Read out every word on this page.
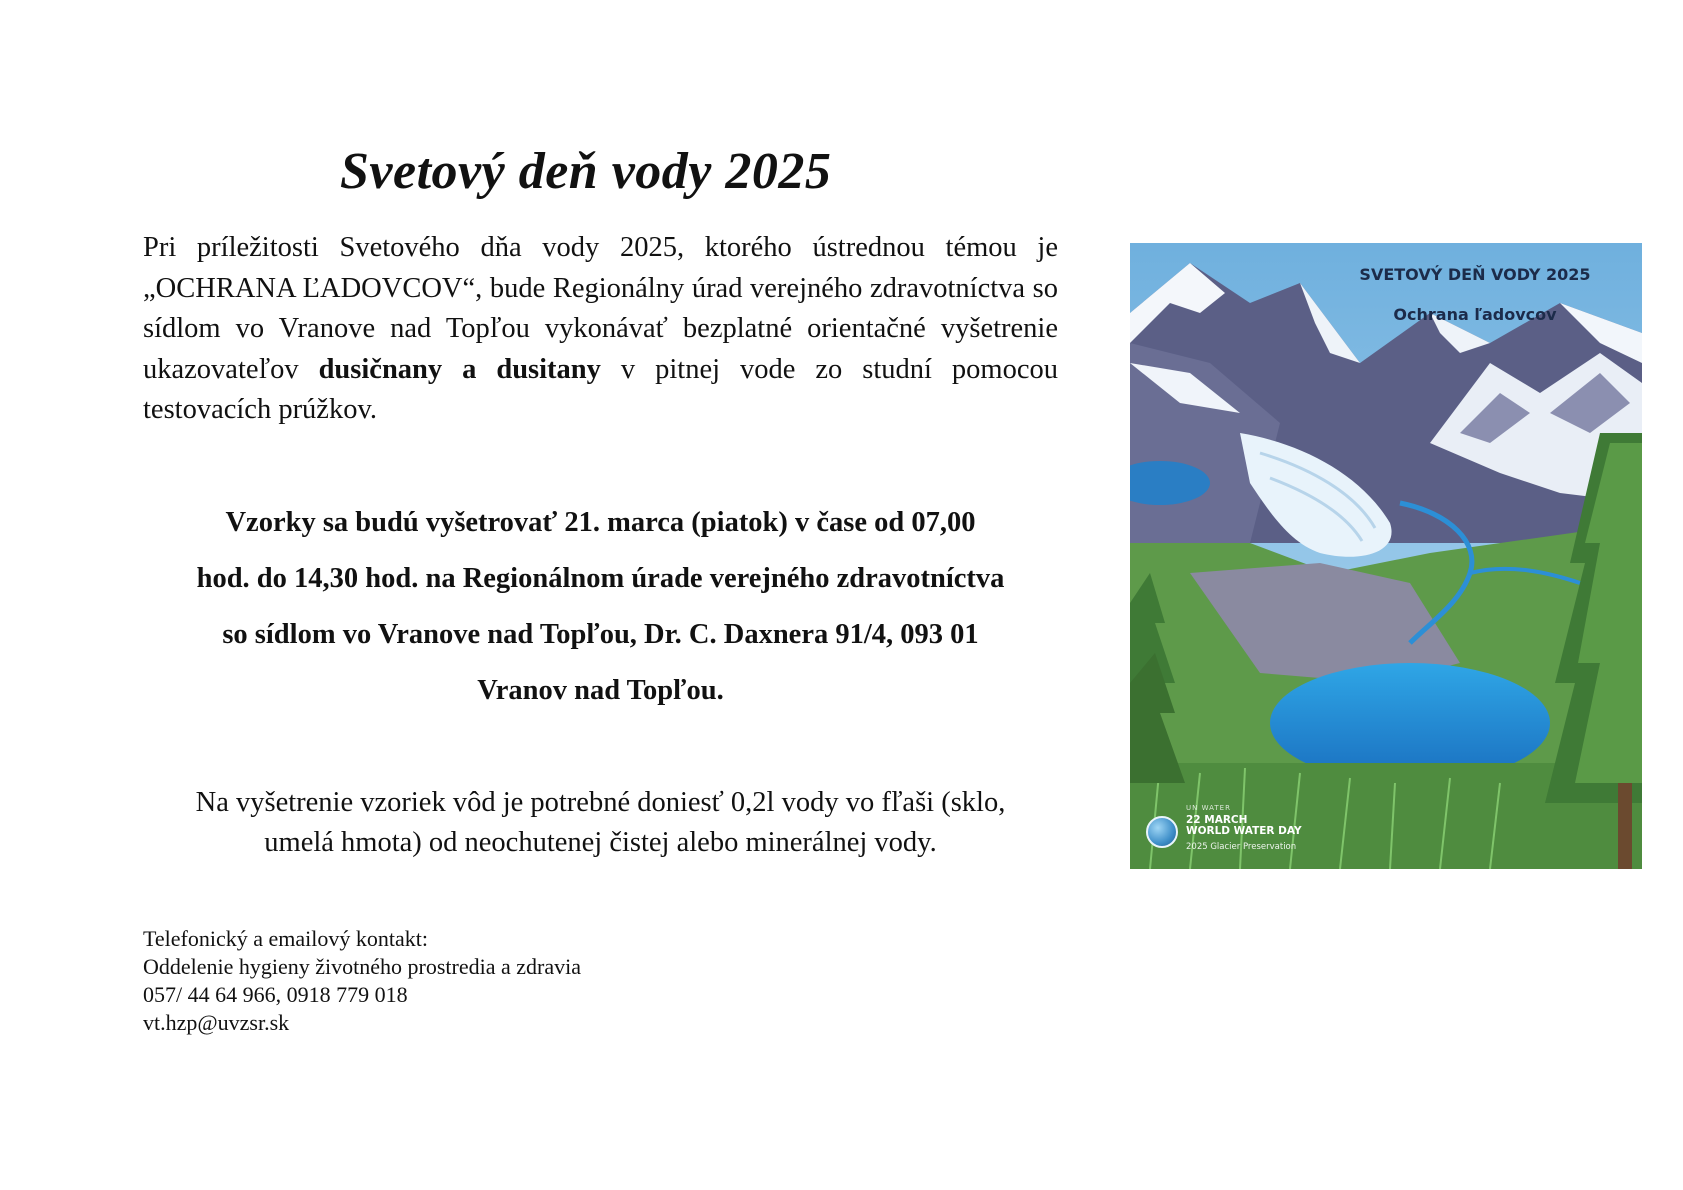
Svetový deň vody 2025
Pri príležitosti Svetového dňa vody 2025, ktorého ústrednou témou je „OCHRANA ĽADOVCOV“, bude Regionálny úrad verejného zdravotníctva so sídlom vo Vranove nad Topľou vykonávať bezplatné orientačné vyšetrenie ukazovateľov dusičnany a dusitany v pitnej vode zo studní pomocou testovacích prúžkov.
Vzorky sa budú vyšetrovať 21. marca (piatok) v čase od 07,00
hod. do 14,30 hod. na Regionálnom úrade verejného zdravotníctva
so sídlom vo Vranove nad Topľou, Dr. C. Daxnera 91/4, 093 01
Vranov nad Topľou.
Na vyšetrenie vzoriek vôd je potrebné doniesť 0,2l vody vo fľaši (sklo,
umelá hmota) od neochutenej čistej alebo minerálnej vody.
Telefonický a emailový kontakt:
Oddelenie hygieny životného prostredia a zdravia
057/ 44 64 966, 0918 779 018
vt.hzp@uvzsr.sk
SVETOVÝ DEŇ VODY 2025
Ochrana ľadovcov
UN WATER
22 MARCH
WORLD WATER DAY
2025 Glacier Preservation
